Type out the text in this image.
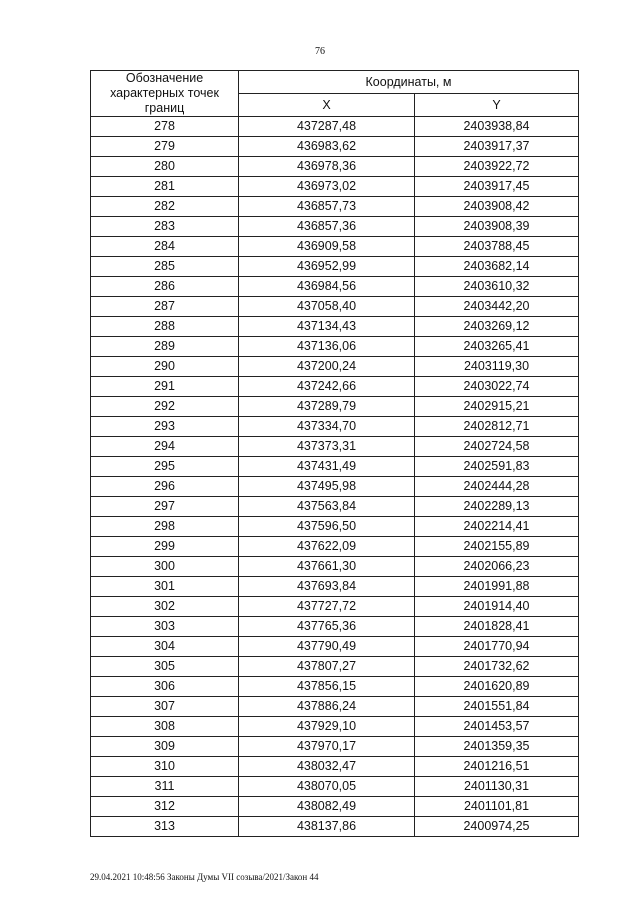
76
Обозначение характерных точек границ	Координаты, м	
	X	Y
278	437287,48	2403938,84
279	436983,62	2403917,37
280	436978,36	2403922,72
281	436973,02	2403917,45
282	436857,73	2403908,42
283	436857,36	2403908,39
284	436909,58	2403788,45
285	436952,99	2403682,14
286	436984,56	2403610,32
287	437058,40	2403442,20
288	437134,43	2403269,12
289	437136,06	2403265,41
290	437200,24	2403119,30
291	437242,66	2403022,74
292	437289,79	2402915,21
293	437334,70	2402812,71
294	437373,31	2402724,58
295	437431,49	2402591,83
296	437495,98	2402444,28
297	437563,84	2402289,13
298	437596,50	2402214,41
299	437622,09	2402155,89
300	437661,30	2402066,23
301	437693,84	2401991,88
302	437727,72	2401914,40
303	437765,36	2401828,41
304	437790,49	2401770,94
305	437807,27	2401732,62
306	437856,15	2401620,89
307	437886,24	2401551,84
308	437929,10	2401453,57
309	437970,17	2401359,35
310	438032,47	2401216,51
311	438070,05	2401130,31
312	438082,49	2401101,81
313	438137,86	2400974,25
29.04.2021 10:48:56 Законы Думы VII созыва/2021/Закон 44
